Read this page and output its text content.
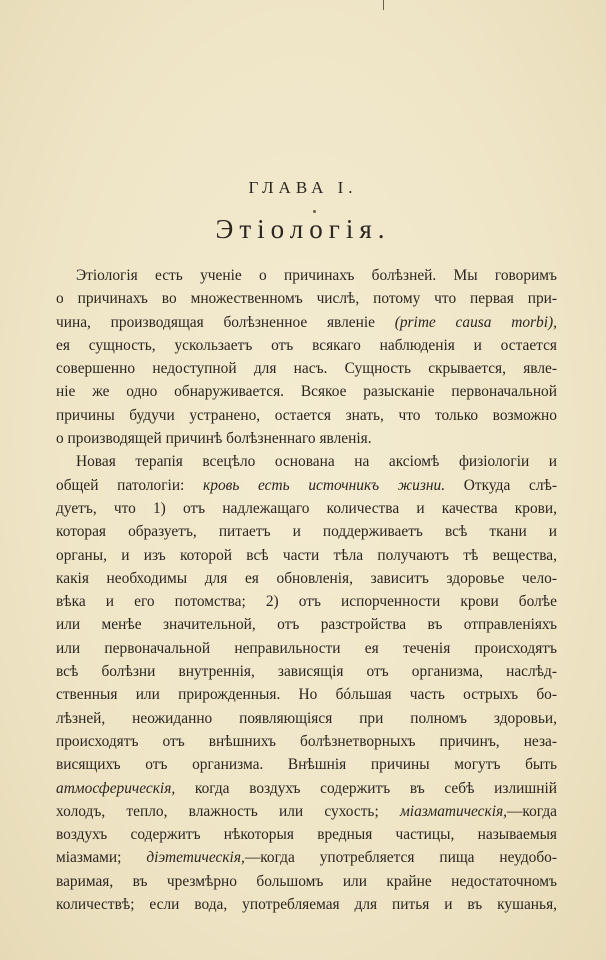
ГЛАВА I.
Этiологiя.
Этiологiя есть ученiе о причинахъ болѣзней. Мы говоримъ
о причинахъ во множественномъ числѣ, потому что первая при-
чина, производящая болѣзненное явленiе (prime causa morbi),
ея сущность, ускользаетъ отъ всякаго наблюденiя и остается
совершенно недоступной для насъ. Сущность скрывается, явле-
нiе же одно обнаруживается. Всякое разысканiе первоначальной
причины будучи устранено, остается знать, что только возможно
о производящей причинѣ болѣзненнаго явленiя.
Новая терапiя всецѣло основана на аксiомѣ физiологiи и
общей патологiи: кровь есть источникъ жизни. Откуда слѣ-
дуетъ, что 1) отъ надлежащаго количества и качества крови,
которая образуетъ, питаетъ и поддерживаетъ всѣ ткани и
органы, и изъ которой всѣ части тѣла получаютъ тѣ вещества,
какiя необходимы для ея обновленiя, зависитъ здоровье чело-
вѣка и его потомства; 2) отъ испорченности крови болѣе
или менѣе значительной, отъ разстройства въ отправленiяхъ
или первоначальной неправильности ея теченiя происходятъ
всѣ болѣзни внутреннiя, зависящiя отъ организма, наслѣд-
ственныя или прирожденныя. Но бóльшая часть острыхъ бо-
лѣзней, неожиданно появляющiяся при полномъ здоровьи,
происходятъ отъ внѣшнихъ болѣзнетворныхъ причинъ, неза-
висящихъ отъ организма. Внѣшнiя причины могутъ быть
атмосферическiя, когда воздухъ содержитъ въ себѣ излишнiй
холодъ, тепло, влажность или сухость; мiазматическiя,—когда
воздухъ содержитъ нѣкоторыя вредныя частицы, называемыя
мiазмами; дiэтетическiя,—когда употребляется пища неудобо-
варимая, въ чрезмѣрно большомъ или крайне недостаточномъ
количествѣ; если вода, употребляемая для питья и въ кушанья,
